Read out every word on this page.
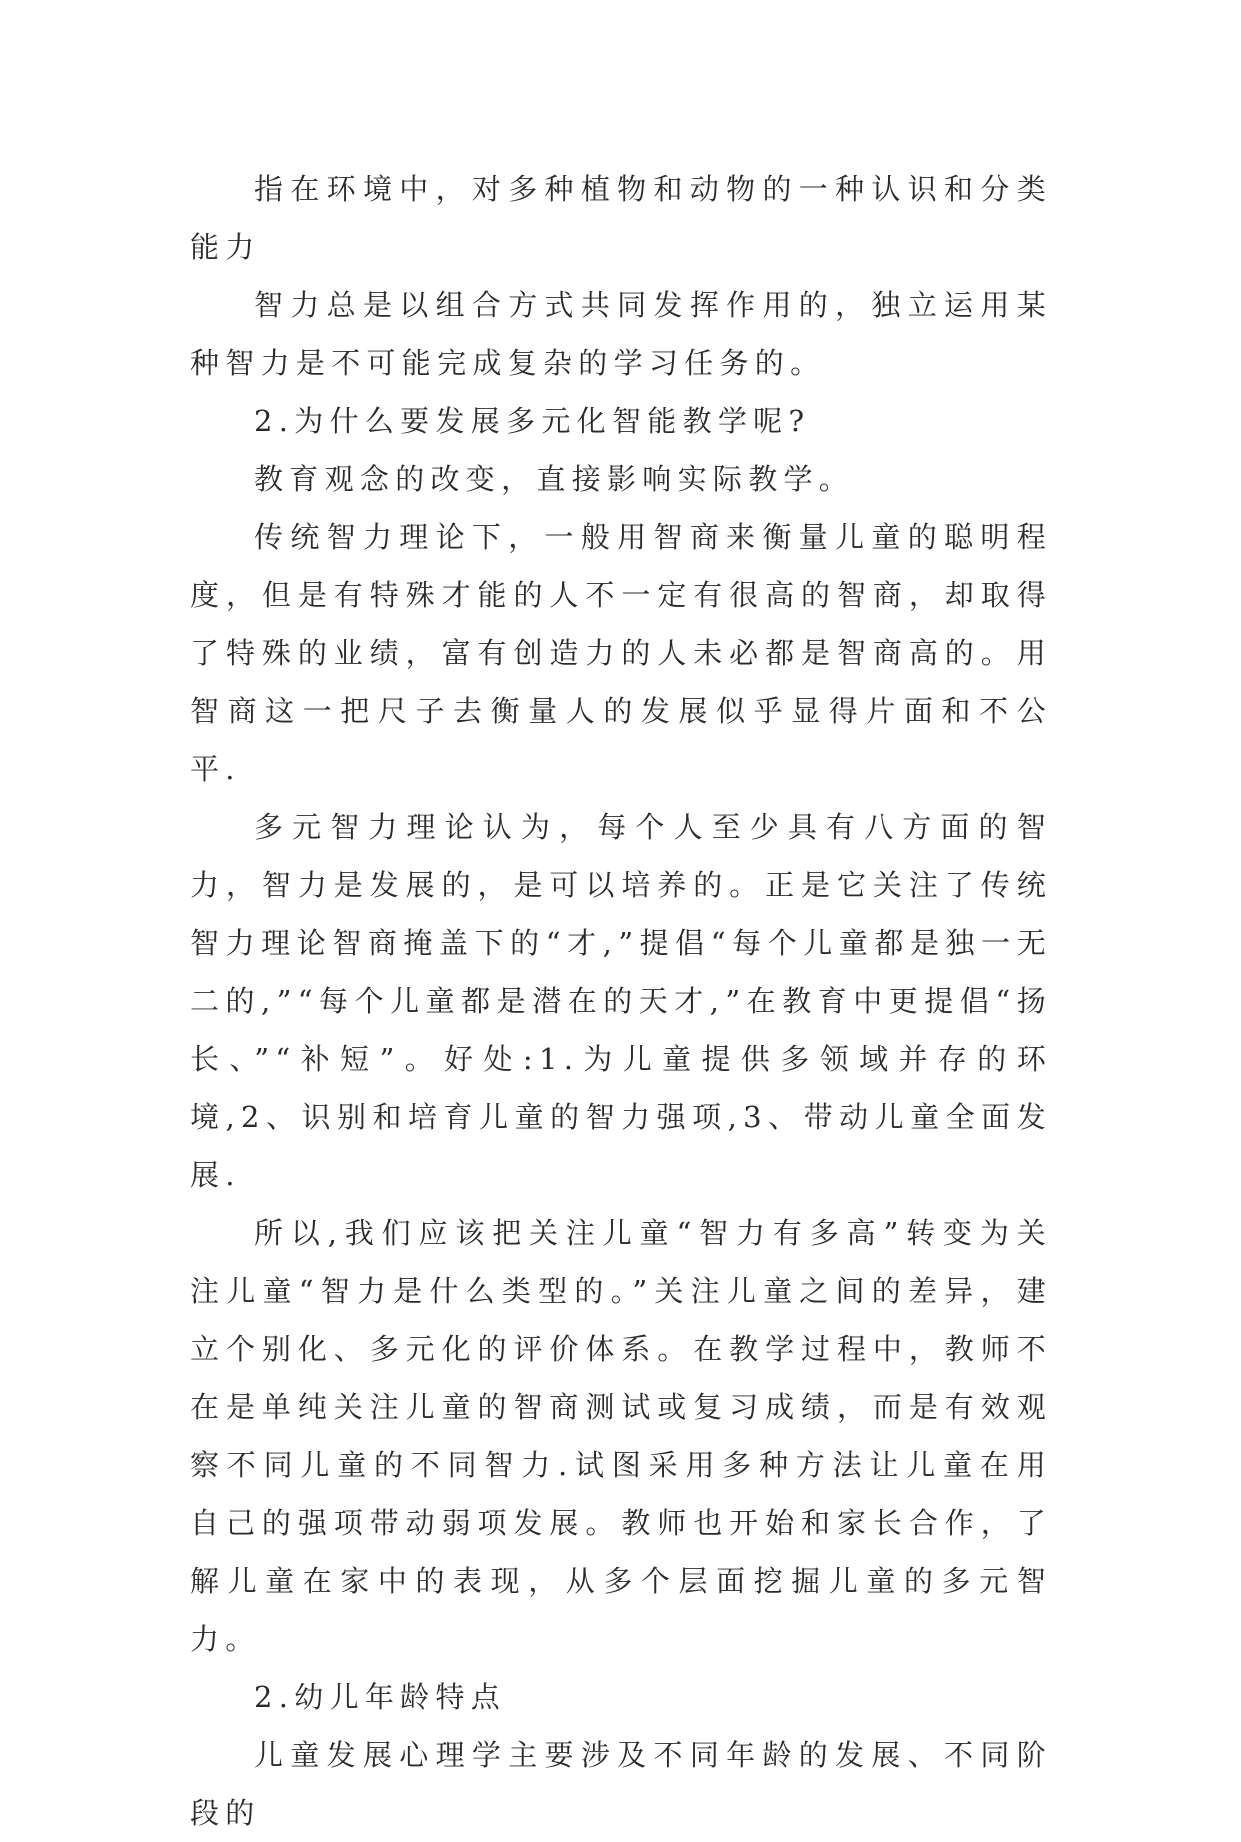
指在环境中，对多种植物和动物的一种认识和分类能力

智力总是以组合方式共同发挥作用的，独立运用某种智力是不可能完成复杂的学习任务的。

2.为什么要发展多元化智能教学呢?

教育观念的改变，直接影响实际教学。

传统智力理论下，一般用智商来衡量儿童的聪明程度，但是有特殊才能的人不一定有很高的智商，却取得了特殊的业绩，富有创造力的人未必都是智商高的。用智商这一把尺子去衡量人的发展似乎显得片面和不公平.

多元智力理论认为，每个人至少具有八方面的智力，智力是发展的，是可以培养的。正是它关注了传统智力理论智商掩盖下的“才,”提倡“每个儿童都是独一无二的,”“每个儿童都是潜在的天才,”在教育中更提倡“扬长、”“补短”。好处:1.为儿童提供多领域并存的环境,2、识别和培育儿童的智力强项,3、带动儿童全面发展.

所以,我们应该把关注儿童“智力有多高”转变为关注儿童“智力是什么类型的。”关注儿童之间的差异，建立个别化、多元化的评价体系。在教学过程中，教师不在是单纯关注儿童的智商测试或复习成绩，而是有效观察不同儿童的不同智力.试图采用多种方法让儿童在用自己的强项带动弱项发展。教师也开始和家长合作，了解儿童在家中的表现，从多个层面挖掘儿童的多元智力。

2.幼儿年龄特点

儿童发展心理学主要涉及不同年龄的发展、不同阶段的
